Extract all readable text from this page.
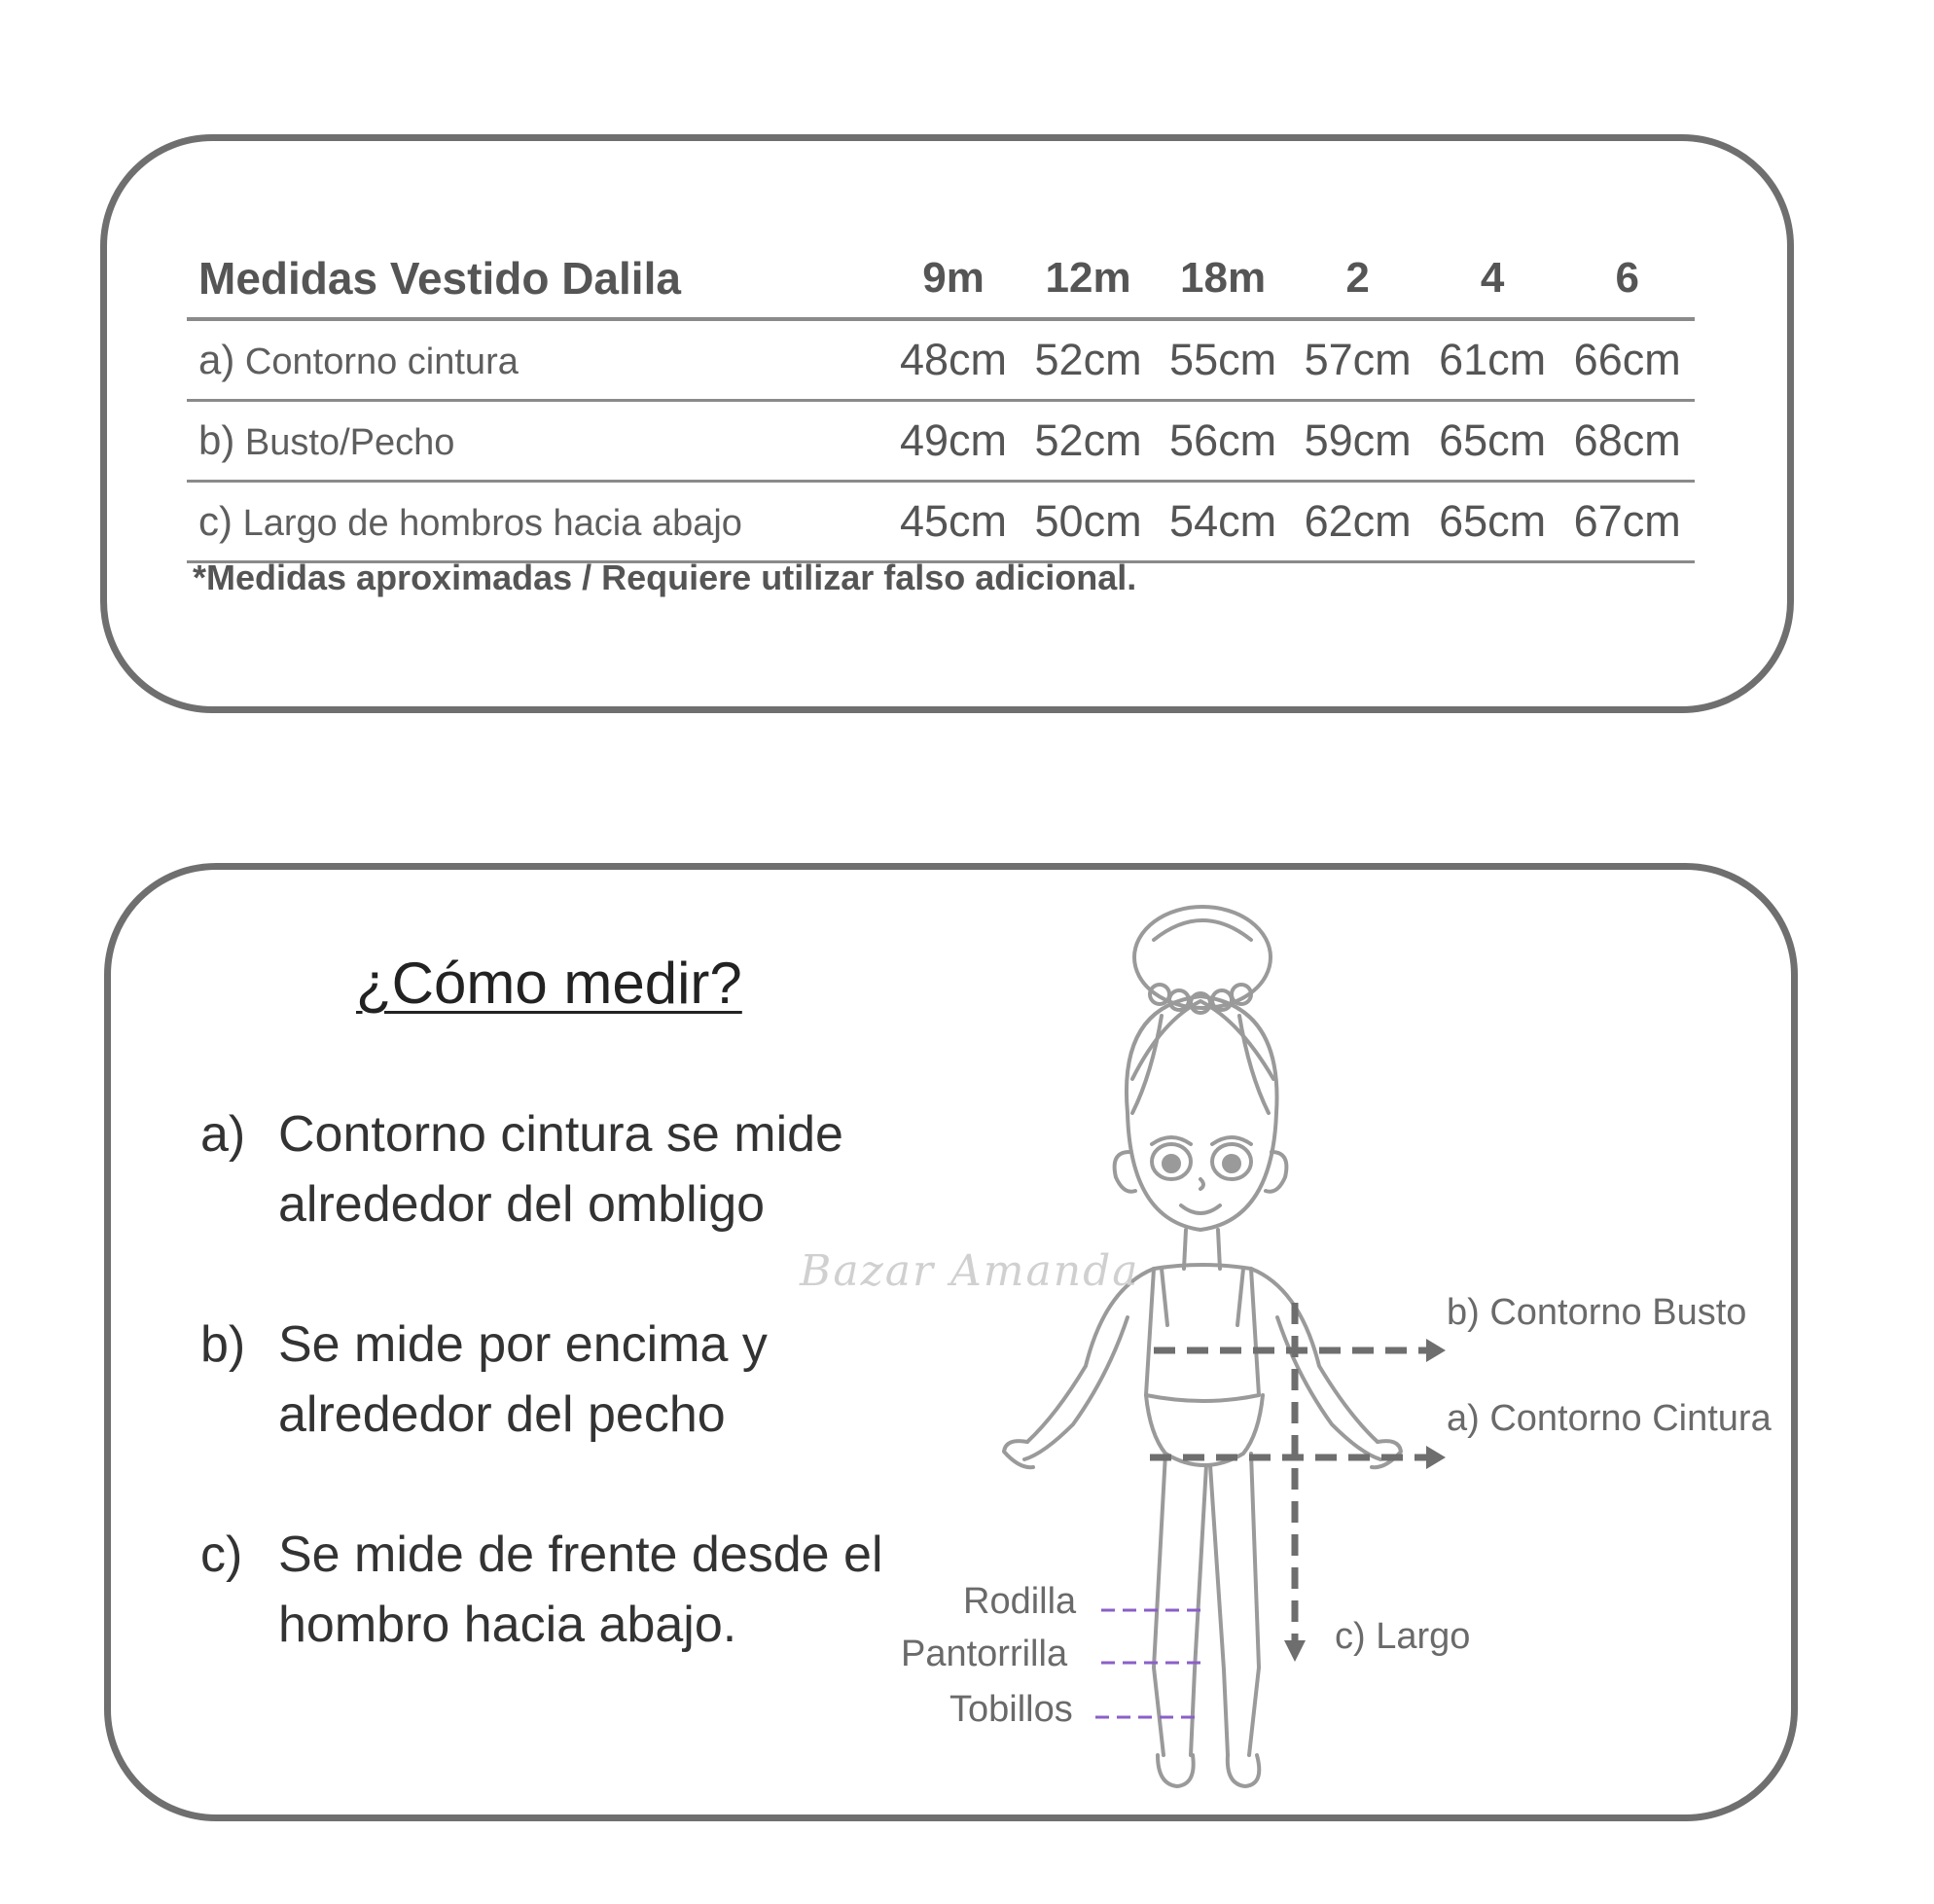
Medidas Vestido Dalila	9m	12m	18m	2	4	6
a) Contorno cintura	48cm	52cm	55cm	57cm	61cm	66cm
b) Busto/Pecho	49cm	52cm	56cm	59cm	65cm	68cm
c) Largo de hombros hacia abajo	45cm	50cm	54cm	62cm	65cm	67cm
*Medidas aproximadas / Requiere utilizar falso adicional.
¿Cómo medir?
a) Contorno cintura se mide alrededor del ombligo
b) Se mide por encima y alrededor del pecho
c) Se mide de frente desde el hombro hacia abajo.
Bazar Amanda
b) Contorno Busto
a) Contorno Cintura
c) Largo
Rodilla
Pantorrilla
Tobillos
